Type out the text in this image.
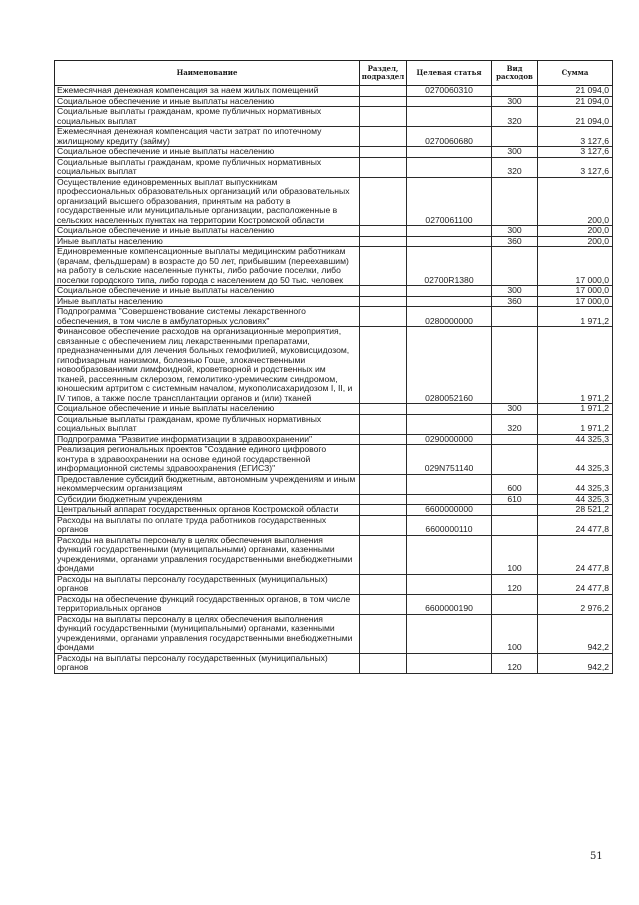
Наименование	Раздел, подраздел	Целевая статья	Вид расходов	Сумма
Ежемесячная денежная компенсация за наем жилых помещений		0270060310		21 094,0
Социальное обеспечение и иные выплаты населению			300	21 094,0
Социальные выплаты гражданам, кроме публичных нормативных социальных выплат			320	21 094,0
Ежемесячная денежная компенсация части затрат по ипотечному жилищному кредиту (займу)		0270060680		3 127,6
Социальное обеспечение и иные выплаты населению			300	3 127,6
Социальные выплаты гражданам, кроме публичных нормативных социальных выплат			320	3 127,6
Осуществление единовременных выплат выпускникам профессиональных образовательных организаций или образовательных организаций высшего образования, принятым на работу в государственные или муниципальные организации, расположенные в сельских населенных пунктах на территории Костромской области		0270061100		200,0
Социальное обеспечение и иные выплаты населению			300	200,0
Иные выплаты населению			360	200,0
Единовременные компенсационные выплаты медицинским работникам (врачам, фельдшерам) в возрасте до 50 лет, прибывшим (переехавшим) на работу в сельские населенные пункты, либо рабочие поселки, либо поселки городского типа, либо города с населением до 50 тыс. человек		02700R1380		17 000,0
Социальное обеспечение и иные выплаты населению			300	17 000,0
Иные выплаты населению			360	17 000,0
Подпрограмма "Совершенствование системы лекарственного обеспечения, в том числе в амбулаторных условиях"		0280000000		1 971,2
Финансовое обеспечение расходов на организационные мероприятия, связанные с обеспечением лиц лекарственными препаратами, предназначенными для лечения больных гемофилией, муковисцидозом, гипофизарным нанизмом, болезнью Гоше, злокачественными новообразованиями лимфоидной, кроветворной и родственных им тканей, рассеянным склерозом, гемолитико-уремическим синдромом, юношеским артритом с системным началом, мукополисахаридозом I, II, и IV типов, а также после трансплантации органов и (или) тканей		0280052160		1 971,2
Социальное обеспечение и иные выплаты населению			300	1 971,2
Социальные выплаты гражданам, кроме публичных нормативных социальных выплат			320	1 971,2
Подпрограмма "Развитие информатизации в здравоохранении"		0290000000		44 325,3
Реализация региональных проектов "Создание единого цифрового контура в здравоохранении на основе единой государственной информационной системы здравоохранения (ЕГИСЗ)"		029N751140		44 325,3
Предоставление субсидий бюджетным, автономным учреждениям и иным некоммерческим организациям			600	44 325,3
Субсидии бюджетным учреждениям			610	44 325,3
Центральный аппарат государственных органов Костромской области		6600000000		28 521,2
Расходы на выплаты по оплате труда работников государственных органов		6600000110		24 477,8
Расходы на выплаты персоналу в целях обеспечения выполнения функций государственными (муниципальными) органами, казенными учреждениями, органами управления государственными внебюджетными фондами			100	24 477,8
Расходы на выплаты персоналу государственных (муниципальных) органов			120	24 477,8
Расходы на обеспечение функций государственных органов, в том числе территориальных органов		6600000190		2 976,2
Расходы на выплаты персоналу в целях обеспечения выполнения функций государственными (муниципальными) органами, казенными учреждениями, органами управления государственными внебюджетными фондами			100	942,2
Расходы на выплаты персоналу государственных (муниципальных) органов			120	942,2
51
